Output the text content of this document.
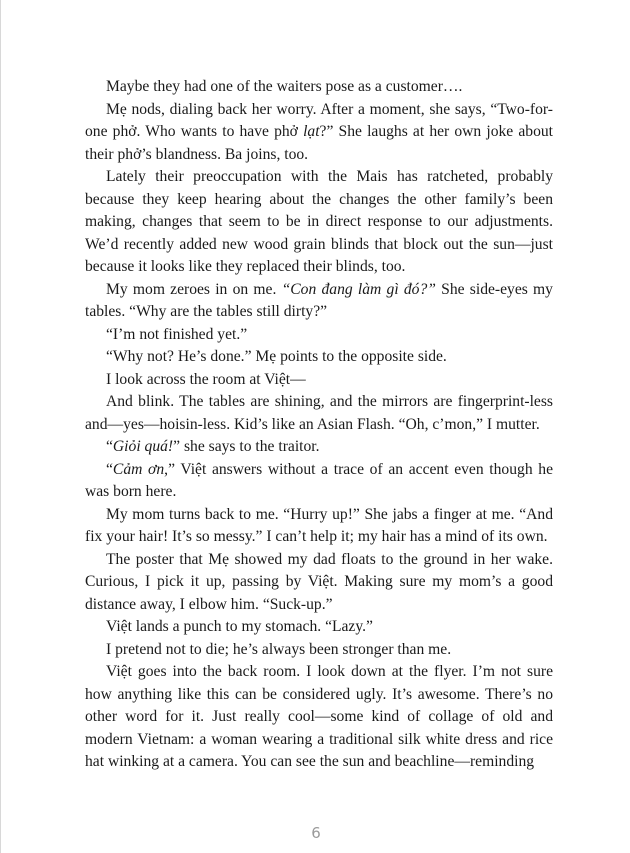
Maybe they had one of the waiters pose as a customer….

Mẹ nods, dialing back her worry. After a moment, she says, “Two-for-one phở. Who wants to have phở lạt?” She laughs at her own joke about their phở’s blandness. Ba joins, too.

Lately their preoccupation with the Mais has ratcheted, probably because they keep hearing about the changes the other family’s been making, changes that seem to be in direct response to our adjustments. We’d recently added new wood grain blinds that block out the sun—just because it looks like they replaced their blinds, too.

My mom zeroes in on me. “Con đang làm gì đó?” She side-eyes my tables. “Why are the tables still dirty?”

“I’m not finished yet.”

“Why not? He’s done.” Mẹ points to the opposite side.

I look across the room at Việt—

And blink. The tables are shining, and the mirrors are fingerprint-less and—yes—hoisin-less. Kid’s like an Asian Flash. “Oh, c’mon,” I mutter.

“Giỏi quá!” she says to the traitor.

“Cảm ơn,” Việt answers without a trace of an accent even though he was born here.

My mom turns back to me. “Hurry up!” She jabs a finger at me. “And fix your hair! It’s so messy.” I can’t help it; my hair has a mind of its own.

The poster that Mẹ showed my dad floats to the ground in her wake. Curious, I pick it up, passing by Việt. Making sure my mom’s a good distance away, I elbow him. “Suck-up.”

Việt lands a punch to my stomach. “Lazy.”

I pretend not to die; he’s always been stronger than me.

Việt goes into the back room. I look down at the flyer. I’m not sure how anything like this can be considered ugly. It’s awesome. There’s no other word for it. Just really cool—some kind of collage of old and modern Vietnam: a woman wearing a traditional silk white dress and rice hat winking at a camera. You can see the sun and beachline—reminding

6
